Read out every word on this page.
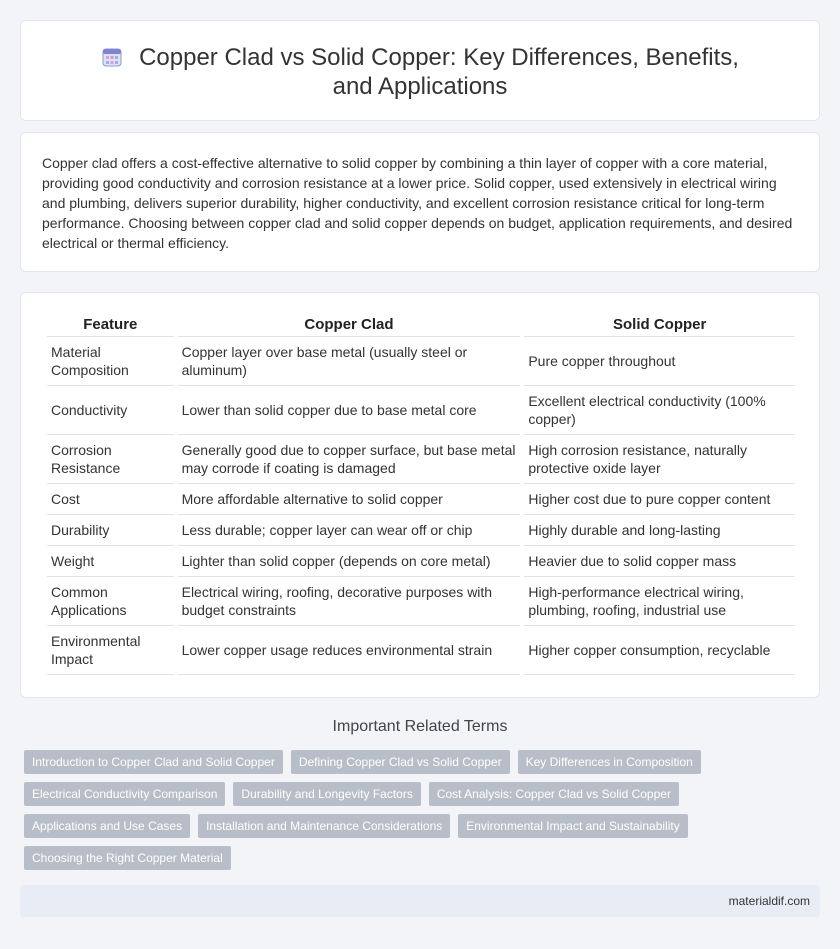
Copper Clad vs Solid Copper: Key Differences, Benefits, and Applications

Copper clad offers a cost-effective alternative to solid copper by combining a thin layer of copper with a core material, providing good conductivity and corrosion resistance at a lower price. Solid copper, used extensively in electrical wiring and plumbing, delivers superior durability, higher conductivity, and excellent corrosion resistance critical for long-term performance. Choosing between copper clad and solid copper depends on budget, application requirements, and desired electrical or thermal efficiency.

Feature	Copper Clad	Solid Copper
Material Composition	Copper layer over base metal (usually steel or aluminum)	Pure copper throughout
Conductivity	Lower than solid copper due to base metal core	Excellent electrical conductivity (100% copper)
Corrosion Resistance	Generally good due to copper surface, but base metal may corrode if coating is damaged	High corrosion resistance, naturally protective oxide layer
Cost	More affordable alternative to solid copper	Higher cost due to pure copper content
Durability	Less durable; copper layer can wear off or chip	Highly durable and long-lasting
Weight	Lighter than solid copper (depends on core metal)	Heavier due to solid copper mass
Common Applications	Electrical wiring, roofing, decorative purposes with budget constraints	High-performance electrical wiring, plumbing, roofing, industrial use
Environmental Impact	Lower copper usage reduces environmental strain	Higher copper consumption, recyclable
Important Related Terms
Introduction to Copper Clad and Solid Copper	Defining Copper Clad vs Solid Copper	Key Differences in Composition
Electrical Conductivity Comparison	Durability and Longevity Factors	Cost Analysis: Copper Clad vs Solid Copper
Applications and Use Cases	Installation and Maintenance Considerations	Environmental Impact and Sustainability
Choosing the Right Copper Material
materialdif.com
